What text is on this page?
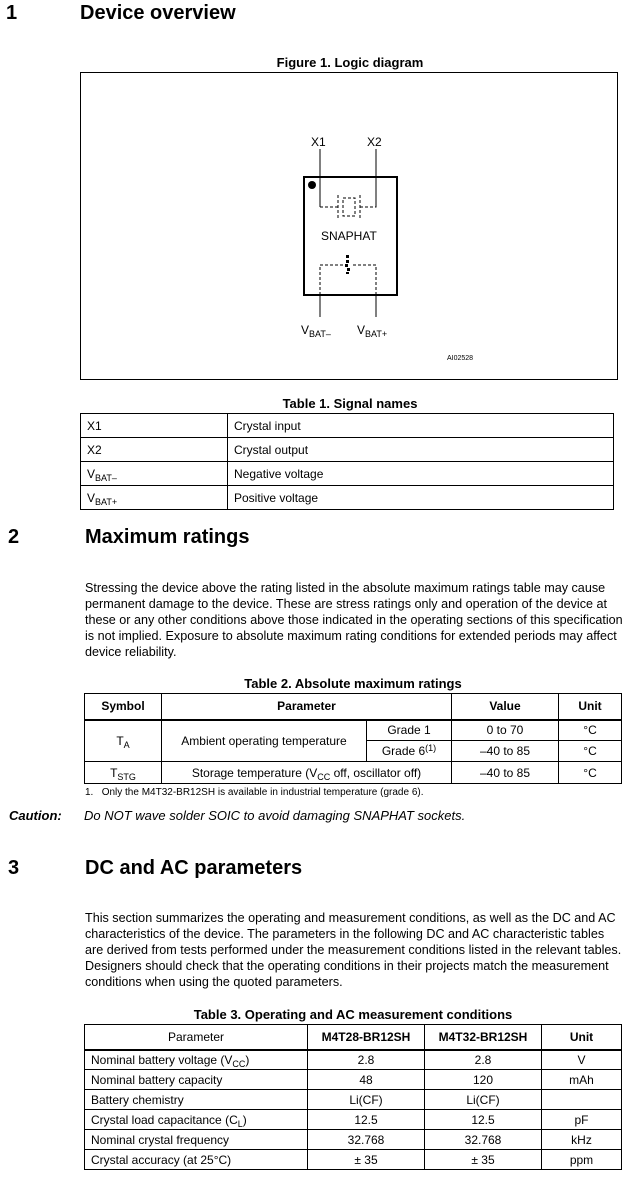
1	Device overview
Figure 1. Logic diagram
X1	X2
SNAPHAT
$V_{BAT-}$ $V_{BAT+}$
AI02528
Table 1. Signal names
X1	Crystal input
X2	Crystal output
$V_{BAT-}$	Negative voltage
$V_{BAT+}$	Positive voltage
2	Maximum ratings
Stressing the device above the rating listed in the absolute maximum ratings table may cause permanent damage to the device. These are stress ratings only and operation of the device at these or any other conditions above those indicated in the operating sections of this specification is not implied. Exposure to absolute maximum rating conditions for extended periods may affect device reliability.
Table 2. Absolute maximum ratings
Symbol	Parameter		Value	Unit
$T_A$	Ambient operating temperature	Grade 1	0 to 70	°C
		Grade 6$^{(1)}$	–40 to 85	°C
$T_{STG}$	Storage temperature ($V_{CC}$ off, oscillator off)		–40 to 85	°C
1. Only the M4T32-BR12SH is available in industrial temperature (grade 6).
Caution: Do NOT wave solder SOIC to avoid damaging SNAPHAT sockets.
3	DC and AC parameters
This section summarizes the operating and measurement conditions, as well as the DC and AC characteristics of the device. The parameters in the following DC and AC characteristic tables are derived from tests performed under the measurement conditions listed in the relevant tables. Designers should check that the operating conditions in their projects match the measurement conditions when using the quoted parameters.
Table 3. Operating and AC measurement conditions
Parameter	M4T28-BR12SH	M4T32-BR12SH	Unit
Nominal battery voltage $(V_{CC})$	2.8	2.8	V
Nominal battery capacity	48	120	mAh
Battery chemistry	Li(CF)	Li(CF)	
Crystal load capacitance $(C_L)$	12.5	12.5	pF
Nominal crystal frequency	32.768	32.768	kHz
Crystal accuracy (at 25°C)	± 35	± 35	ppm
